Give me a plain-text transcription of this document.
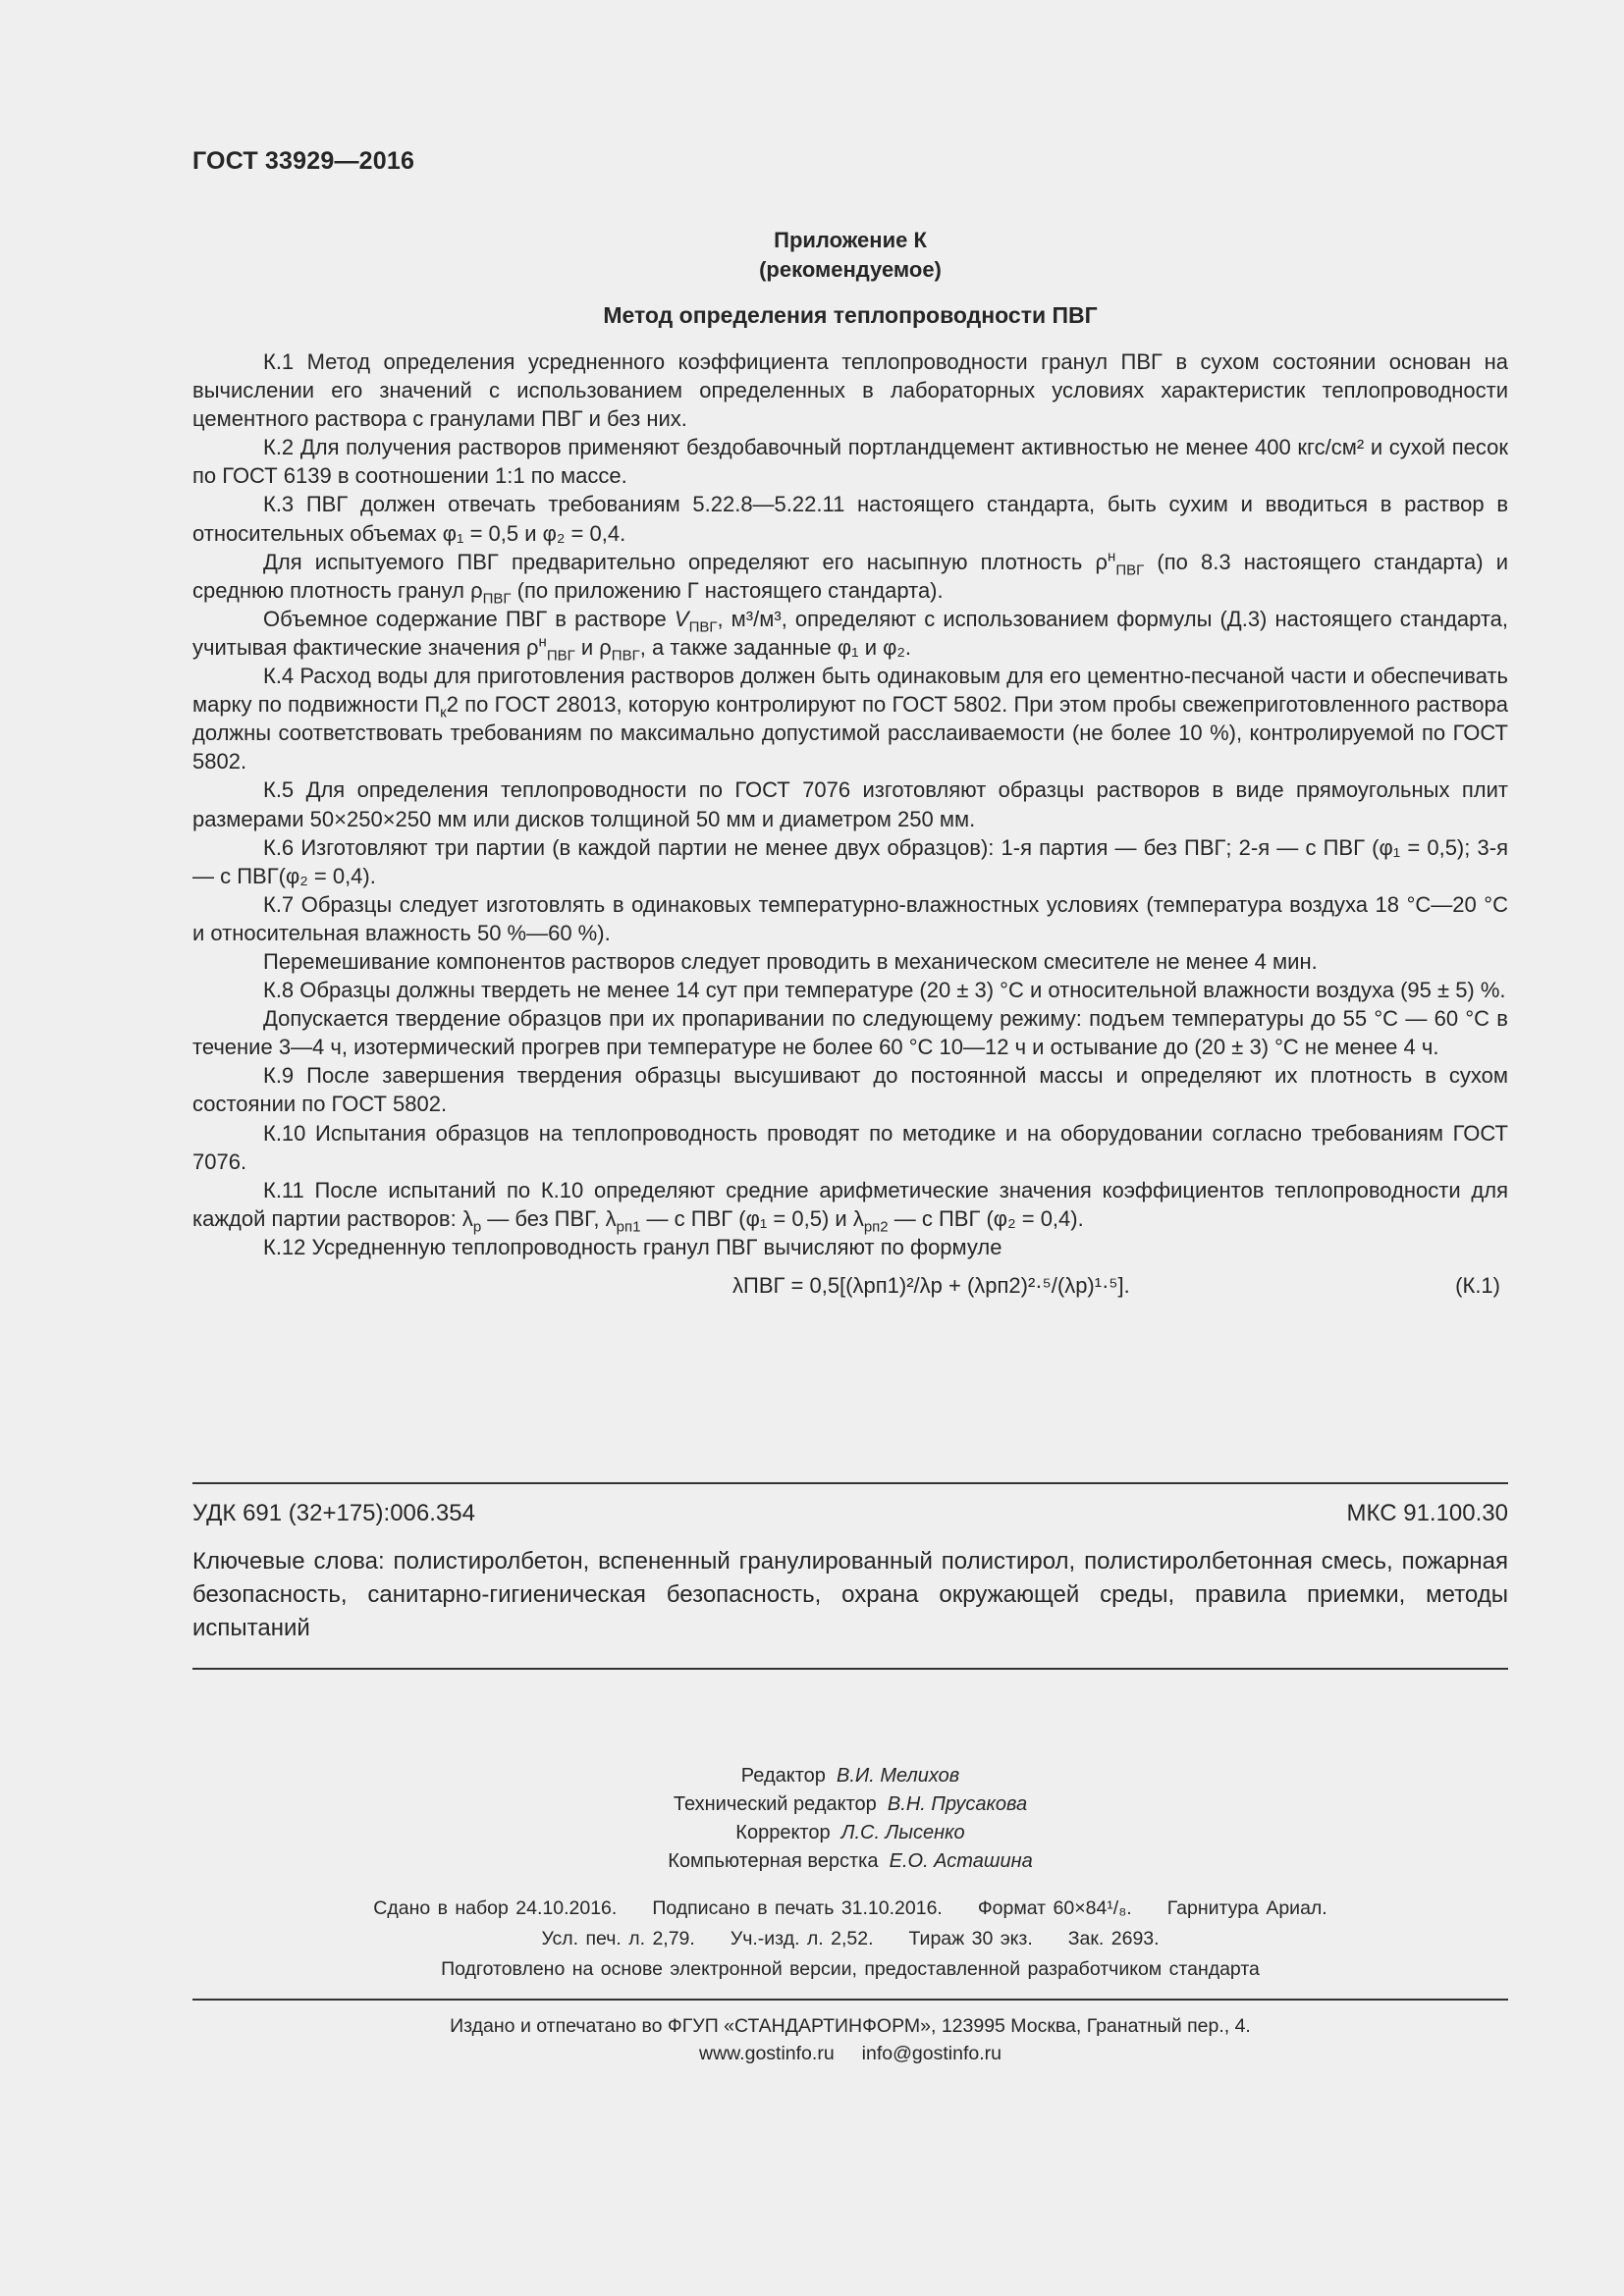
ГОСТ 33929—2016
Приложение К
(рекомендуемое)
Метод определения теплопроводности ПВГ

К.1 Метод определения усредненного коэффициента теплопроводности гранул ПВГ в сухом состоянии основан на вычислении его значений с использованием определенных в лабораторных условиях характеристик теплопроводности цементного раствора с гранулами ПВГ и без них.

К.2 Для получения растворов применяют бездобавочный портландцемент активностью не менее 400 кгс/см² и сухой песок по ГОСТ 6139 в соотношении 1:1 по массе.

К.3 ПВГ должен отвечать требованиям 5.22.8—5.22.11 настоящего стандарта, быть сухим и вводиться в раствор в относительных объемах φ₁ = 0,5 и φ₂ = 0,4.

Для испытуемого ПВГ предварительно определяют его насыпную плотность $\rho^н_{ПВГ}$ (по 8.3 настоящего стандарта) и среднюю плотность гранул $\rho_{ПВГ}$ (по приложению Г настоящего стандарта).

Объемное содержание ПВГ в растворе $V_{ПВГ}$, м³/м³, определяют с использованием формулы (Д.3) настоящего стандарта, учитывая фактические значения $\rho^н_{ПВГ}$ и $\rho_{ПВГ}$, а также заданные φ₁ и φ₂.

К.4 Расход воды для приготовления растворов должен быть одинаковым для его цементно-песчаной части и обеспечивать марку по подвижности $П_к2$ по ГОСТ 28013, которую контролируют по ГОСТ 5802. При этом пробы свежеприготовленного раствора должны соответствовать требованиям по максимально допустимой расслаиваемости (не более 10 %), контролируемой по ГОСТ 5802.

К.5 Для определения теплопроводности по ГОСТ 7076 изготовляют образцы растворов в виде прямоугольных плит размерами 50×250×250 мм или дисков толщиной 50 мм и диаметром 250 мм.

К.6 Изготовляют три партии (в каждой партии не менее двух образцов): 1-я партия — без ПВГ; 2-я — с ПВГ (φ₁ = 0,5); 3-я — с ПВГ(φ₂ = 0,4).

К.7 Образцы следует изготовлять в одинаковых температурно-влажностных условиях (температура воздуха 18 °С—20 °С и относительная влажность 50 %—60 %).

Перемешивание компонентов растворов следует проводить в механическом смесителе не менее 4 мин.

К.8 Образцы должны твердеть не менее 14 сут при температуре (20 ± 3) °С и относительной влажности воздуха (95 ± 5) %.

Допускается твердение образцов при их пропаривании по следующему режиму: подъем температуры до 55 °С — 60 °С в течение 3—4 ч, изотермический прогрев при температуре не более 60 °С 10—12 ч и остывание до (20 ± 3) °С не менее 4 ч.

К.9 После завершения твердения образцы высушивают до постоянной массы и определяют их плотность в сухом состоянии по ГОСТ 5802.

К.10 Испытания образцов на теплопроводность проводят по методике и на оборудовании согласно требованиям ГОСТ 7076.

К.11 После испытаний по К.10 определяют средние арифметические значения коэффициентов теплопроводности для каждой партии растворов: $\lambda_р$ — без ПВГ, $\lambda_{рп1}$ — с ПВГ (φ₁ = 0,5) и $\lambda_{рп2}$ — с ПВГ (φ₂ = 0,4).

К.12 Усредненную теплопроводность гранул ПВГ вычисляют по формуле

λПВГ = 0,5[(λрп1)²/λр + (λрп2)²·⁵/(λр)¹·⁵].	(К.1)
УДК 691 (32+175):006.354	МКС 91.100.30
Ключевые слова: полистиролбетон, вспененный гранулированный полистирол, полистиролбетонная смесь, пожарная безопасность, санитарно-гигиеническая безопасность, охрана окружающей среды, правила приемки, методы испытаний
Редактор В.И. Мелихов
Технический редактор В.Н. Прусакова
Корректор Л.С. Лысенко
Компьютерная верстка Е.О. Асташина
Сдано в набор 24.10.2016. Подписано в печать 31.10.2016. Формат 60×84¹/₈. Гарнитура Ариал.
Усл. печ. л. 2,79. Уч.-изд. л. 2,52. Тираж 30 экз. Зак. 2693.
Подготовлено на основе электронной версии, предоставленной разработчиком стандарта
Издано и отпечатано во ФГУП «СТАНДАРТИНФОРМ», 123995 Москва, Гранатный пер., 4.
www.gostinfo.ru info@gostinfo.ru
